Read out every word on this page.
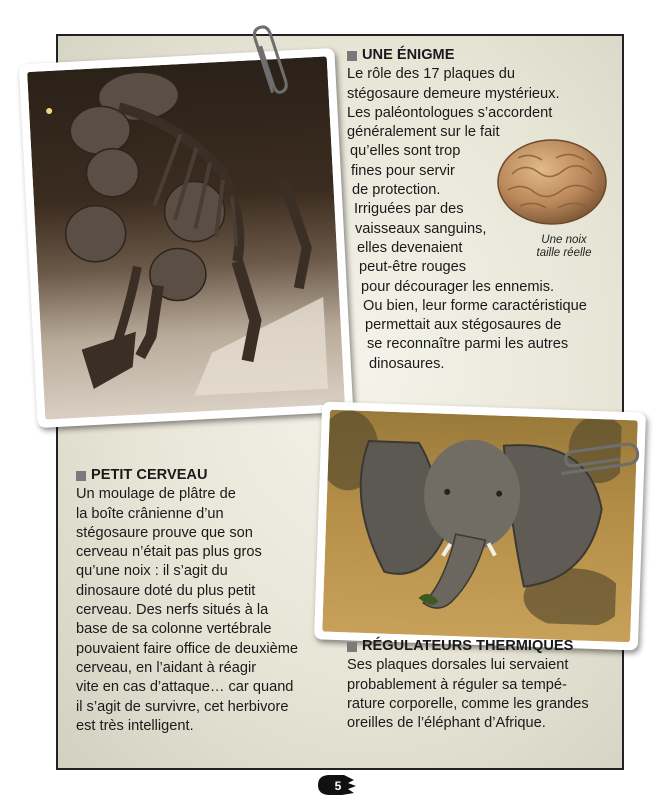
UNE ÉNIGME
Le rôle des 17 plaques du
stégosaure demeure mystérieux.
Les paléontologues s’accordent
généralement sur le fait
qu’elles sont trop
fines pour servir
de protection.
Irriguées par des
vaisseaux sanguins,
elles devenaient
peut-être rouges
pour décourager les ennemis.
Ou bien, leur forme caractéristique
permettait aux stégosaures de
se reconnaître parmi les autres
dinosaures.
Une noix
taille réelle
PETIT CERVEAU
Un moulage de plâtre de
la boîte crânienne d’un
stégosaure prouve que son
cerveau n’était pas plus gros
qu’une noix : il s’agit du
dinosaure doté du plus petit
cerveau. Des nerfs situés à la
base de sa colonne vertébrale
pouvaient faire office de deuxième
cerveau, en l’aidant à réagir
vite en cas d’attaque… car quand
il s’agit de survivre, cet herbivore
est très intelligent.
RÉGULATEURS THERMIQUES
Ses plaques dorsales lui servaient
probablement à réguler sa tempé-
rature corporelle, comme les grandes
oreilles de l’éléphant d’Afrique.
5
